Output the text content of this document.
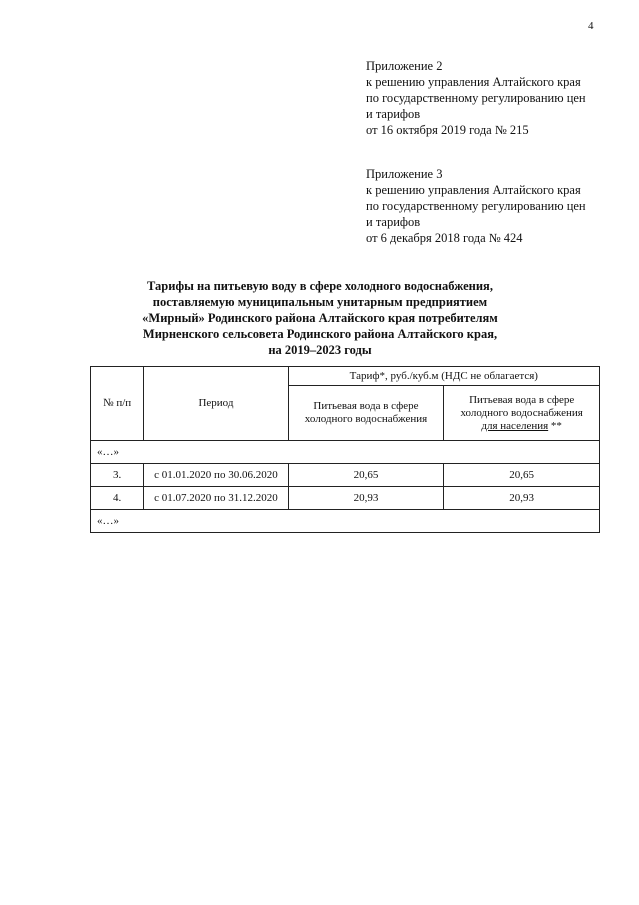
4
Приложение 2
к решению управления Алтайского края
по государственному регулированию цен
и тарифов
от 16 октября 2019 года № 215
Приложение 3
к решению управления Алтайского края
по государственному регулированию цен
и тарифов
от 6 декабря 2018 года № 424
Тарифы на питьевую воду в сфере холодного водоснабжения,
поставляемую муниципальным унитарным предприятием
«Мирный» Родинского района Алтайского края потребителям
Мирненского сельсовета Родинского района Алтайского края,
на 2019–2023 годы
№ п/п	Период	Тариф*, руб./куб.м (НДС не облагается)	
		Питьевая вода в сфере холодного водоснабжения	Питьевая вода в сфере холодного водоснабжения
для населения **
«…»			
3.	с 01.01.2020 по 30.06.2020	20,65	20,65
4.	с 01.07.2020 по 31.12.2020	20,93	20,93
«…»			
